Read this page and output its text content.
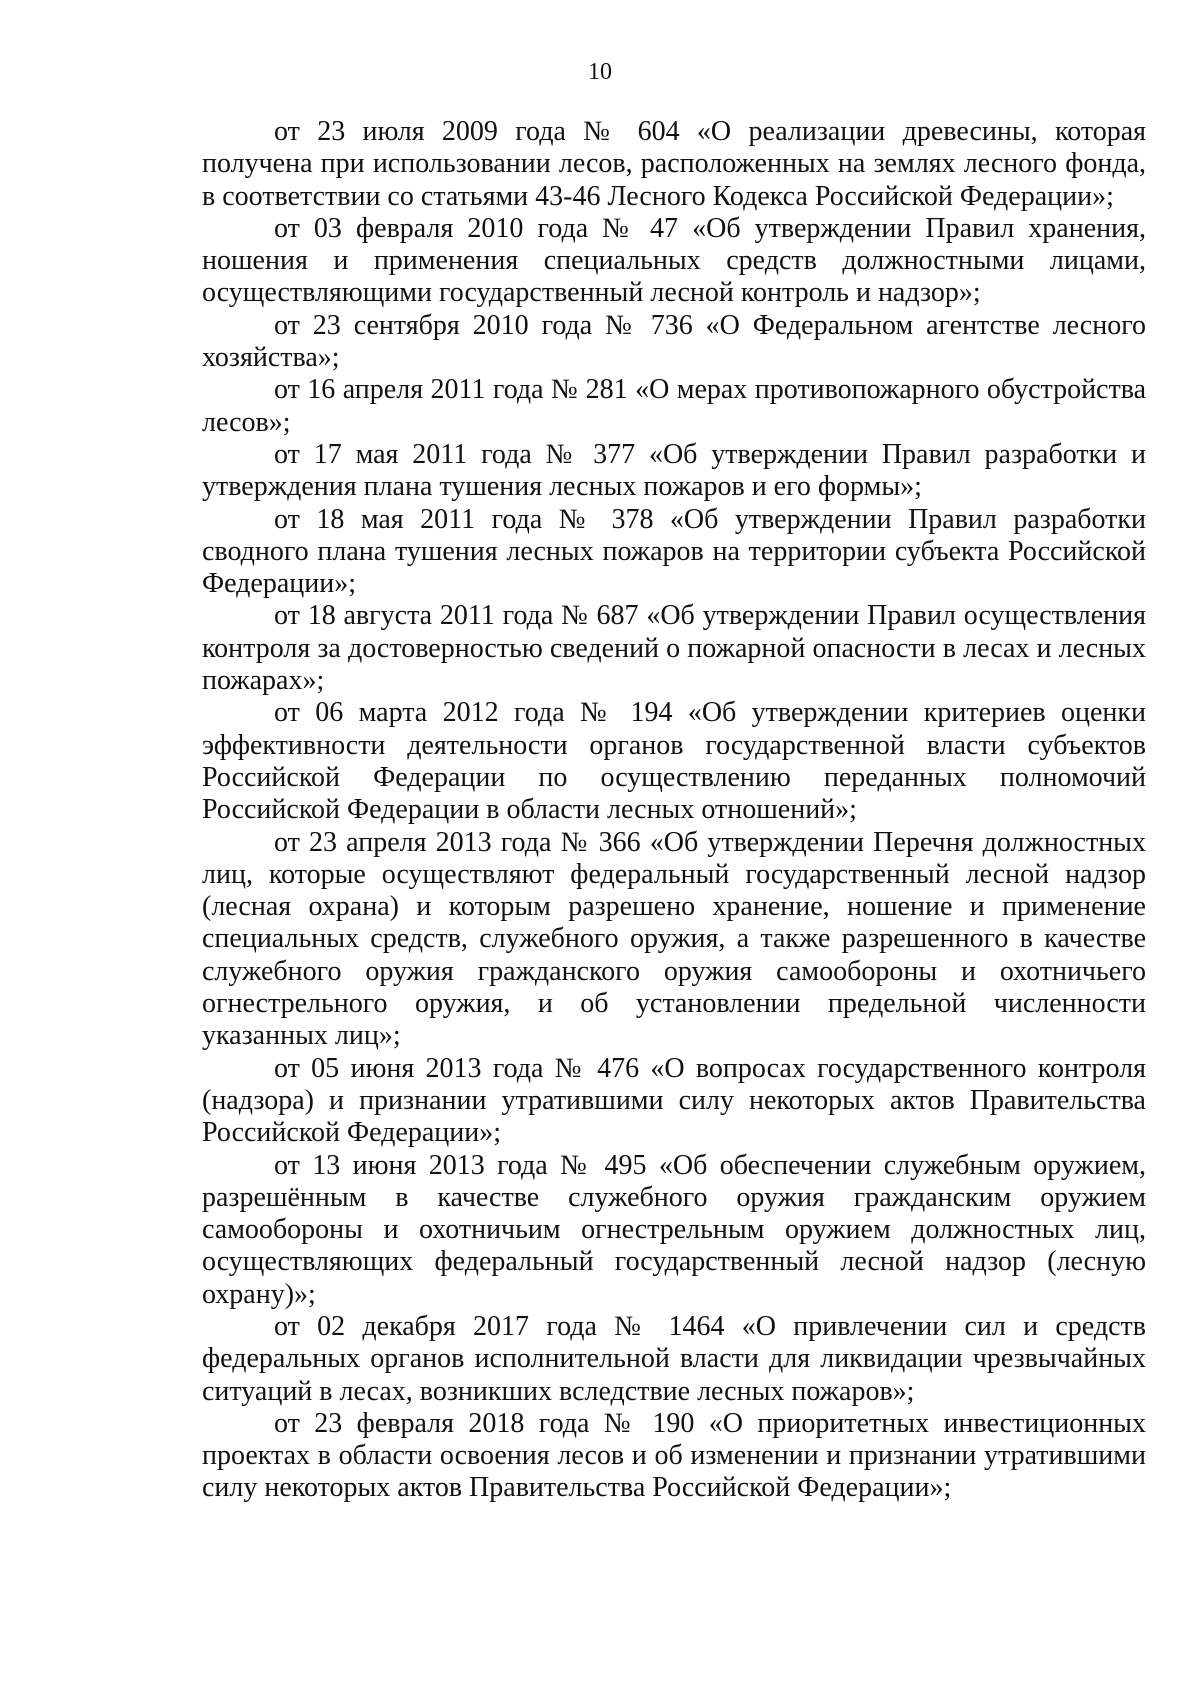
10

от 23 июля 2009 года № 604 «О реализации древесины, которая получена при использовании лесов, расположенных на землях лесного фонда, в соответствии со статьями 43-46 Лесного Кодекса Российской Федерации»;

от 03 февраля 2010 года № 47 «Об утверждении Правил хранения, ношения и применения специальных средств должностными лицами, осуществляющими государственный лесной контроль и надзор»;

от 23 сентября 2010 года № 736 «О Федеральном агентстве лесного хозяйства»;

от 16 апреля 2011 года № 281 «О мерах противопожарного обустройства лесов»;

от 17 мая 2011 года № 377 «Об утверждении Правил разработки и утверждения плана тушения лесных пожаров и его формы»;

от 18 мая 2011 года № 378 «Об утверждении Правил разработки сводного плана тушения лесных пожаров на территории субъекта Российской Федерации»;

от 18 августа 2011 года № 687 «Об утверждении Правил осуществления контроля за достоверностью сведений о пожарной опасности в лесах и лесных пожарах»;

от 06 марта 2012 года № 194 «Об утверждении критериев оценки эффективности деятельности органов государственной власти субъектов Российской Федерации по осуществлению переданных полномочий Российской Федерации в области лесных отношений»;

от 23 апреля 2013 года № 366 «Об утверждении Перечня должностных лиц, которые осуществляют федеральный государственный лесной надзор (лесная охрана) и которым разрешено хранение, ношение и применение специальных средств, служебного оружия, а также разрешенного в качестве служебного оружия гражданского оружия самообороны и охотничьего огнестрельного оружия, и об установлении предельной численности указанных лиц»;

от 05 июня 2013 года № 476 «О вопросах государственного контроля (надзора) и признании утратившими силу некоторых актов Правительства Российской Федерации»;

от 13 июня 2013 года № 495 «Об обеспечении служебным оружием, разрешённым в качестве служебного оружия гражданским оружием самообороны и охотничьим огнестрельным оружием должностных лиц, осуществляющих федеральный государственный лесной надзор (лесную охрану)»;

от 02 декабря 2017 года № 1464 «О привлечении сил и средств федеральных органов исполнительной власти для ликвидации чрезвычайных ситуаций в лесах, возникших вследствие лесных пожаров»;

от 23 февраля 2018 года № 190 «О приоритетных инвестиционных проектах в области освоения лесов и об изменении и признании утратившими силу некоторых актов Правительства Российской Федерации»;
